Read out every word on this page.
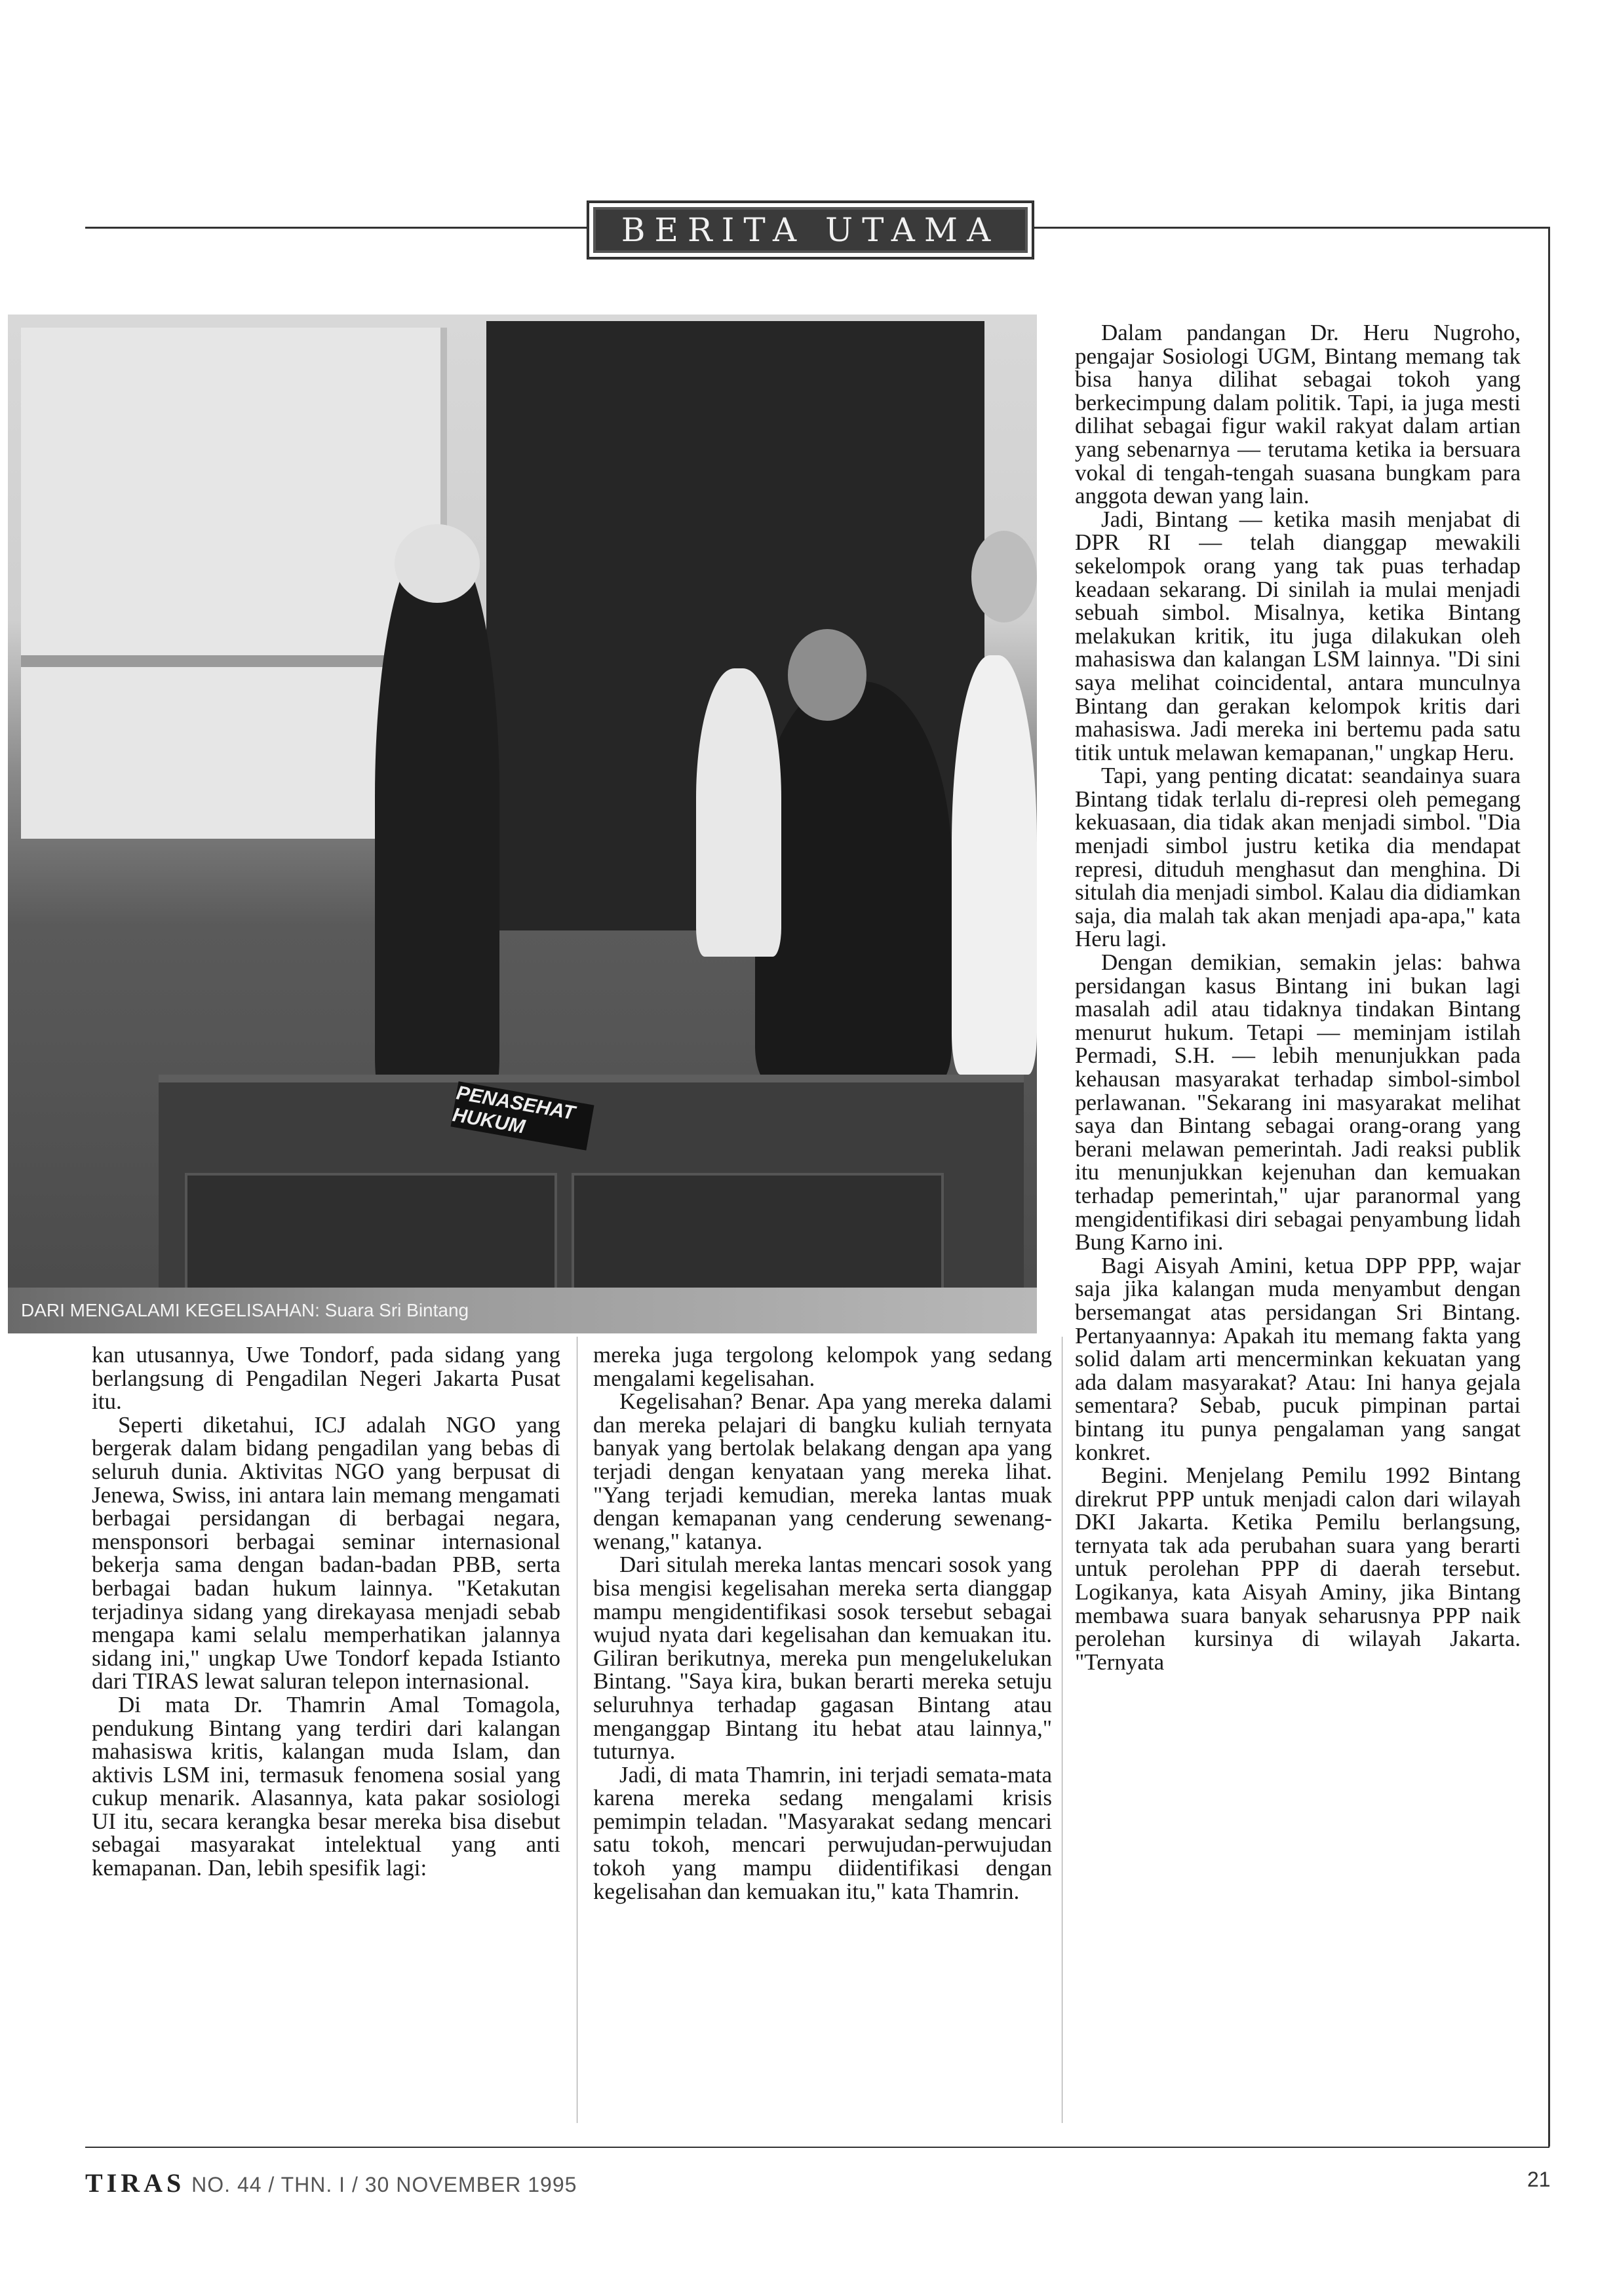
BERITA UTAMA
PENASEHAT HUKUM
DARI MENGALAMI KEGELISAHAN: Suara Sri Bintang

kan utusannya, Uwe Tondorf, pada sidang yang berlangsung di Pengadilan Negeri Jakarta Pusat itu.

Seperti diketahui, ICJ adalah NGO yang bergerak dalam bidang pengadilan yang bebas di seluruh dunia. Aktivitas NGO yang berpusat di Jenewa, Swiss, ini antara lain memang mengamati berbagai persidangan di berbagai negara, mensponsori berbagai seminar internasional bekerja sama dengan badan-badan PBB, serta berbagai badan hukum lainnya. "Ketakutan terjadinya sidang yang direkayasa menjadi sebab mengapa kami selalu memperhatikan jalannya sidang ini," ungkap Uwe Tondorf kepada Istianto dari TIRAS lewat saluran telepon internasional.

Di mata Dr. Thamrin Amal Tomagola, pendukung Bintang yang terdiri dari kalangan mahasiswa kritis, kalangan muda Islam, dan aktivis LSM ini, termasuk fenomena sosial yang cukup menarik. Alasannya, kata pakar sosiologi UI itu, secara kerangka besar mereka bisa disebut sebagai masyarakat intelektual yang anti kemapanan. Dan, lebih spesifik lagi:

mereka juga tergolong kelompok yang sedang mengalami kegelisahan.

Kegelisahan? Benar. Apa yang mereka dalami dan mereka pelajari di bangku kuliah ternyata banyak yang bertolak belakang dengan apa yang terjadi dengan kenyataan yang mereka lihat. "Yang terjadi kemudian, mereka lantas muak dengan kemapanan yang cenderung sewenang-wenang," katanya.

Dari situlah mereka lantas mencari sosok yang bisa mengisi kegelisahan mereka serta dianggap mampu mengidentifikasi sosok tersebut sebagai wujud nyata dari kegelisahan dan kemuakan itu. Giliran berikutnya, mereka pun mengelukelukan Bintang. "Saya kira, bukan berarti mereka setuju seluruhnya terhadap gagasan Bintang atau menganggap Bintang itu hebat atau lainnya," tuturnya.

Jadi, di mata Thamrin, ini terjadi semata-mata karena mereka sedang mengalami krisis pemimpin teladan. "Masyarakat sedang mencari satu tokoh, mencari perwujudan-perwujudan tokoh yang mampu diidentifikasi dengan kegelisahan dan kemuakan itu," kata Thamrin.

Dalam pandangan Dr. Heru Nugroho, pengajar Sosiologi UGM, Bintang memang tak bisa hanya dilihat sebagai tokoh yang berkecimpung dalam politik. Tapi, ia juga mesti dilihat sebagai figur wakil rakyat dalam artian yang sebenarnya — terutama ketika ia bersuara vokal di tengah-tengah suasana bungkam para anggota dewan yang lain.

Jadi, Bintang — ketika masih menjabat di DPR RI — telah dianggap mewakili sekelompok orang yang tak puas terhadap keadaan sekarang. Di sinilah ia mulai menjadi sebuah simbol. Misalnya, ketika Bintang melakukan kritik, itu juga dilakukan oleh mahasiswa dan kalangan LSM lainnya. "Di sini saya melihat coincidental, antara munculnya Bintang dan gerakan kelompok kritis dari mahasiswa. Jadi mereka ini bertemu pada satu titik untuk melawan kemapanan," ungkap Heru.

Tapi, yang penting dicatat: seandainya suara Bintang tidak terlalu di-represi oleh pemegang kekuasaan, dia tidak akan menjadi simbol. "Dia menjadi simbol justru ketika dia mendapat represi, dituduh menghasut dan menghina. Di situlah dia menjadi simbol. Kalau dia didiamkan saja, dia malah tak akan menjadi apa-apa," kata Heru lagi.

Dengan demikian, semakin jelas: bahwa persidangan kasus Bintang ini bukan lagi masalah adil atau tidaknya tindakan Bintang menurut hukum. Tetapi — meminjam istilah Permadi, S.H. — lebih menunjukkan pada kehausan masyarakat terhadap simbol-simbol perlawanan. "Sekarang ini masyarakat melihat saya dan Bintang sebagai orang-orang yang berani melawan pemerintah. Jadi reaksi publik itu menunjukkan kejenuhan dan kemuakan terhadap pemerintah," ujar paranormal yang mengidentifikasi diri sebagai penyambung lidah Bung Karno ini.

Bagi Aisyah Amini, ketua DPP PPP, wajar saja jika kalangan muda menyambut dengan bersemangat atas persidangan Sri Bintang. Pertanyaannya: Apakah itu memang fakta yang solid dalam arti mencerminkan kekuatan yang ada dalam masyarakat? Atau: Ini hanya gejala sementara? Sebab, pucuk pimpinan partai bintang itu punya pengalaman yang sangat konkret.

Begini. Menjelang Pemilu 1992 Bintang direkrut PPP untuk menjadi calon dari wilayah DKI Jakarta. Ketika Pemilu berlangsung, ternyata tak ada perubahan suara yang berarti untuk perolehan PPP di daerah tersebut. Logikanya, kata Aisyah Aminy, jika Bintang membawa suara banyak seharusnya PPP naik perolehan kursinya di wilayah Jakarta. "Ternyata

TIRAS NO. 44 / THN. I / 30 NOVEMBER 1995	21
